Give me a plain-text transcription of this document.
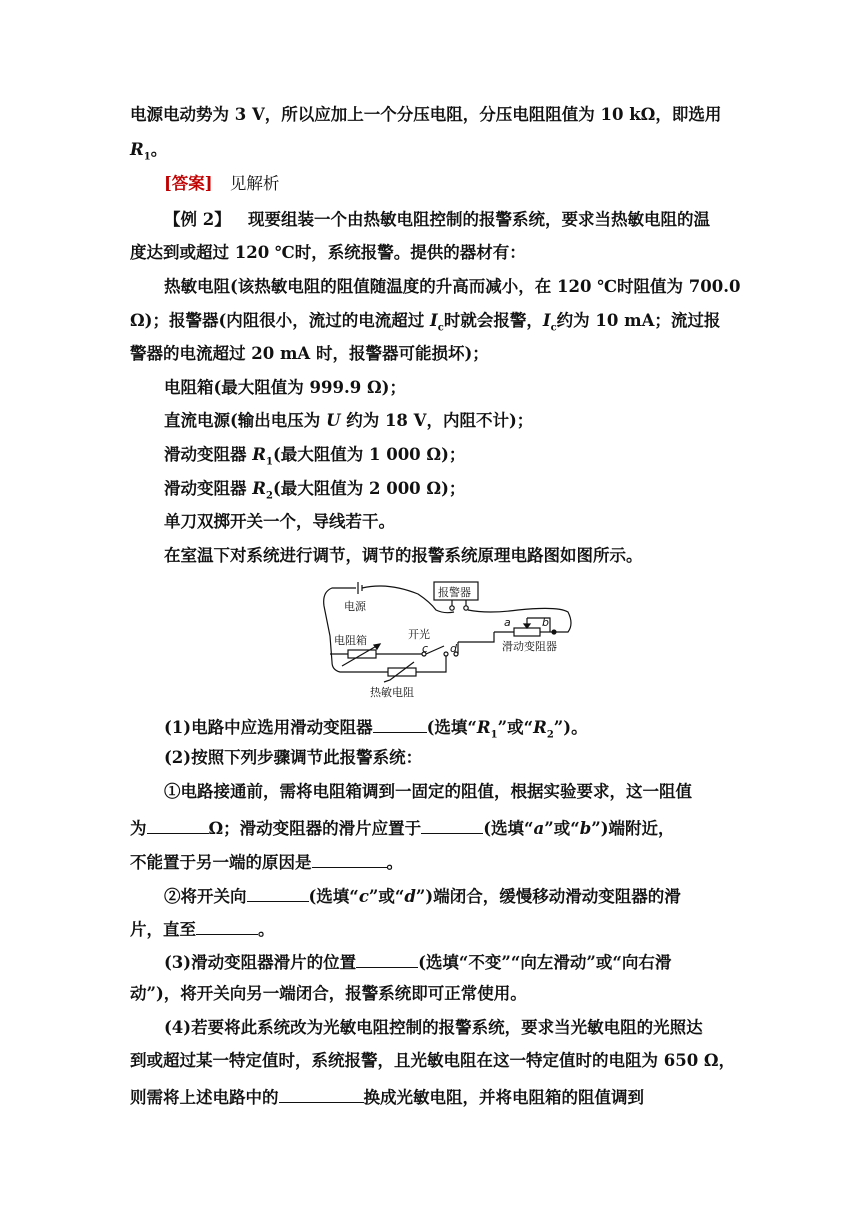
电源电动势为 3 V，所以应加上一个分压电阻，分压电阻阻值为 10 kΩ，即选用
$R_1$。
[答案] 见解析
【例 2】 现要组装一个由热敏电阻控制的报警系统，要求当热敏电阻的温
度达到或超过 120 ℃时，系统报警。提供的器材有：
热敏电阻(该热敏电阻的阻值随温度的升高而减小，在 120 ℃时阻值为 700.0
Ω)；报警器(内阻很小，流过的电流超过 $I_c$时就会报警，$I_c$约为 10 mA；流过报
警器的电流超过 20 mA 时，报警器可能损坏)；
电阻箱(最大阻值为 999.9 Ω)；
直流电源(输出电压为 U 约为 18 V，内阻不计)；
滑动变阻器 $R_1$(最大阻值为 1 000 Ω)；
滑动变阻器 $R_2$(最大阻值为 2 000 Ω)；
单刀双掷开关一个，导线若干。
在室温下对系统进行调节，调节的报警系统原理电路图如图所示。
电源
报警器
开光
电阻箱
热敏电阻
滑动变阻器
a	b
c d
(1)电路中应选用滑动变阻器	(选填“$R_1$”或“$R_2$”)。
(2)按照下列步骤调节此报警系统：
①电路接通前，需将电阻箱调到一固定的阻值，根据实验要求，这一阻值
为	Ω；滑动变阻器的滑片应置于	(选填“a”或“b”)端附近，
不能置于另一端的原因是	。
②将开关向	(选填“c”或“d”)端闭合，缓慢移动滑动变阻器的滑
片，直至	。
(3)滑动变阻器滑片的位置	(选填“不变”“向左滑动”或“向右滑
动”)，将开关向另一端闭合，报警系统即可正常使用。
(4)若要将此系统改为光敏电阻控制的报警系统，要求当光敏电阻的光照达
到或超过某一特定值时，系统报警，且光敏电阻在这一特定值时的电阻为 650 Ω，
则需将上述电路中的	换成光敏电阻，并将电阻箱的阻值调到
